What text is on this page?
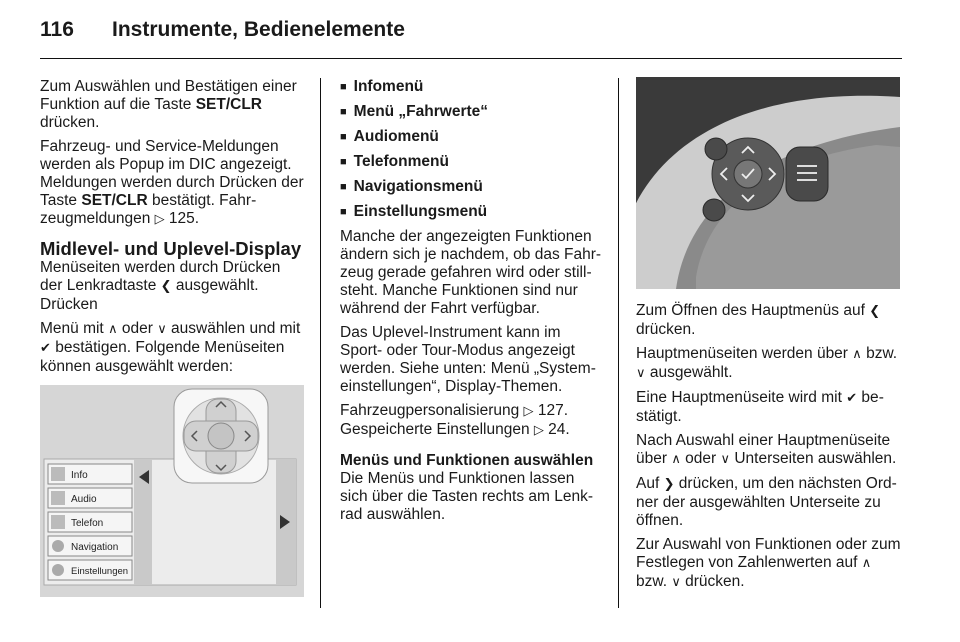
116 Instrumente, Bedienelemente

Zum Auswählen und Bestätigen einer Funktion auf die Taste SET/CLR drücken.

Fahrzeug- und Service-Meldungen werden als Popup im DIC angezeigt. Meldungen werden durch Drücken der Taste SET/CLR bestätigt. Fahrzeugmeldungen ▷ 125.

Midlevel- und Uplevel-Display

Menüseiten werden durch Drücken der Lenkradtaste ❮ ausgewählt. Drücken

Menü mit ∧ oder ∨ auswählen und mit ✔ bestätigen. Folgende Menüseiten können ausgewählt werden:

Info
Audio
Telefon
Navigation
Einstellungen
■ Infomenü
■ Menü „Fahrwerte“
■ Audiomenü
■ Telefonmenü
■ Navigationsmenü
■ Einstellungsmenü

Manche der angezeigten Funktionen ändern sich je nachdem, ob das Fahrzeug gerade gefahren wird oder stillsteht. Manche Funktionen sind nur während der Fahrt verfügbar.

Das Uplevel-Instrument kann im Sport- oder Tour-Modus angezeigt werden. Siehe unten: Menü „Systemeinstellungen“, Display-Themen.

Fahrzeugpersonalisierung ▷ 127.
Gespeicherte Einstellungen ▷ 24.

Menüs und Funktionen auswählen

Die Menüs und Funktionen lassen sich über die Tasten rechts am Lenkrad auswählen.

Zum Öffnen des Hauptmenüs auf ❮ drücken.

Hauptmenüseiten werden über ∧ bzw. ∨ ausgewählt.

Eine Hauptmenüseite wird mit ✔ bestätigt.

Nach Auswahl einer Hauptmenüseite über ∧ oder ∨ Unterseiten auswählen.

Auf ❯ drücken, um den nächsten Ordner der ausgewählten Unterseite zu öffnen.

Zur Auswahl von Funktionen oder zum Festlegen von Zahlenwerten auf ∧ bzw. ∨ drücken.
